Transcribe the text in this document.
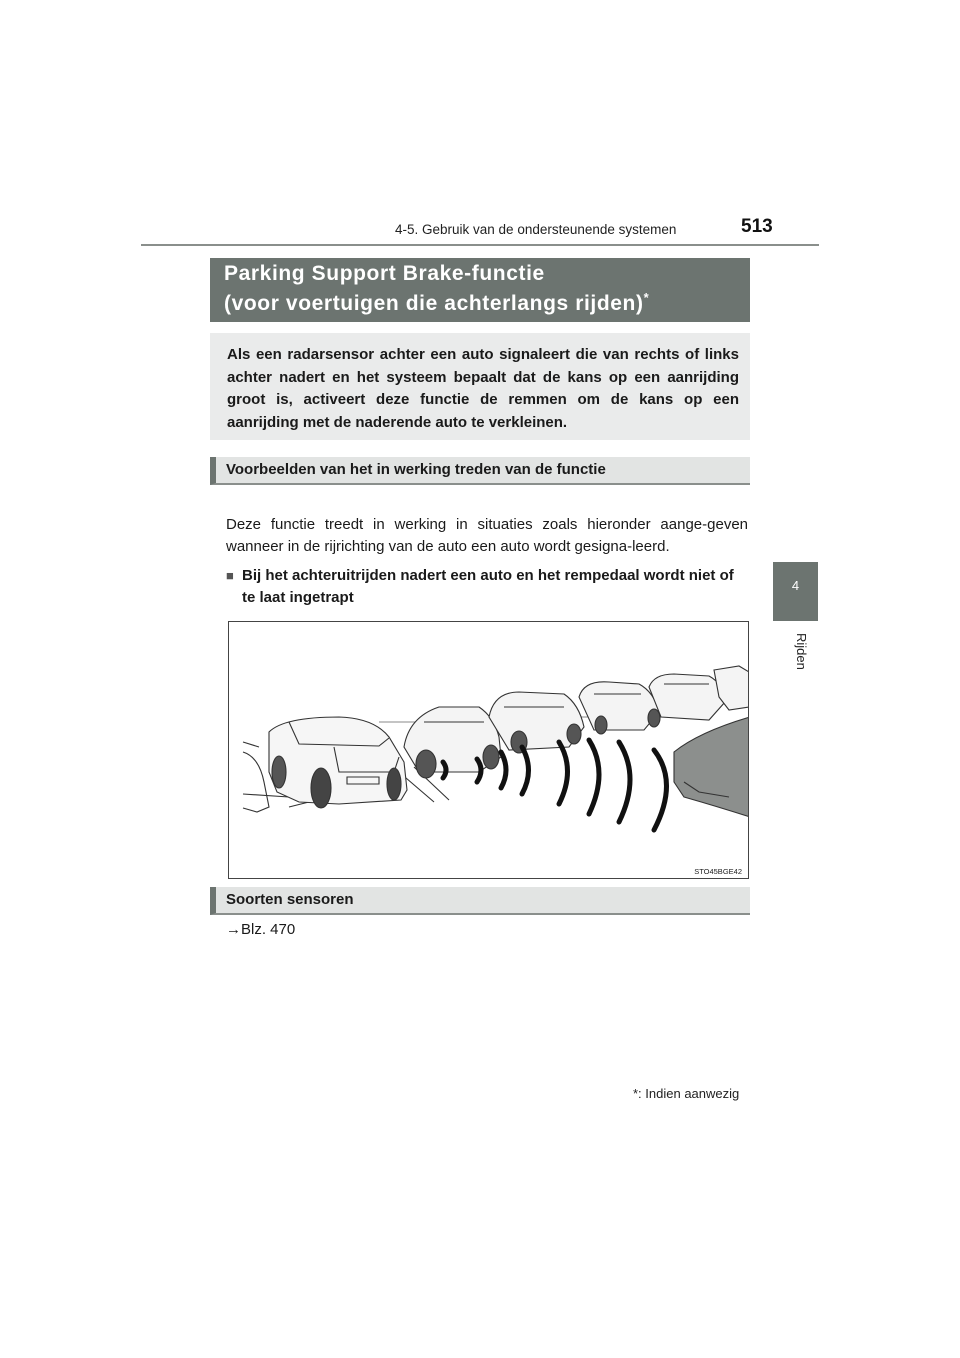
4-5. Gebruik van de ondersteunende systemen	513
4
Rijden
Parking Support Brake-functie
(voor voertuigen die achterlangs rijden)*

Als een radarsensor achter een auto signaleert die van rechts of links achter nadert en het systeem bepaalt dat de kans op een aanrijding groot is, activeert deze functie de remmen om de kans op een aanrijding met de naderende auto te verkleinen.

Voorbeelden van het in werking treden van de functie

Deze functie treedt in werking in situaties zoals hieronder aange-geven wanneer in de rijrichting van de auto een auto wordt gesigna-leerd.

■ Bij het achteruitrijden nadert een auto en het rempedaal wordt niet of te laat ingetrapt
STO45BGE42
Soorten sensoren
→Blz. 470
*: Indien aanwezig
